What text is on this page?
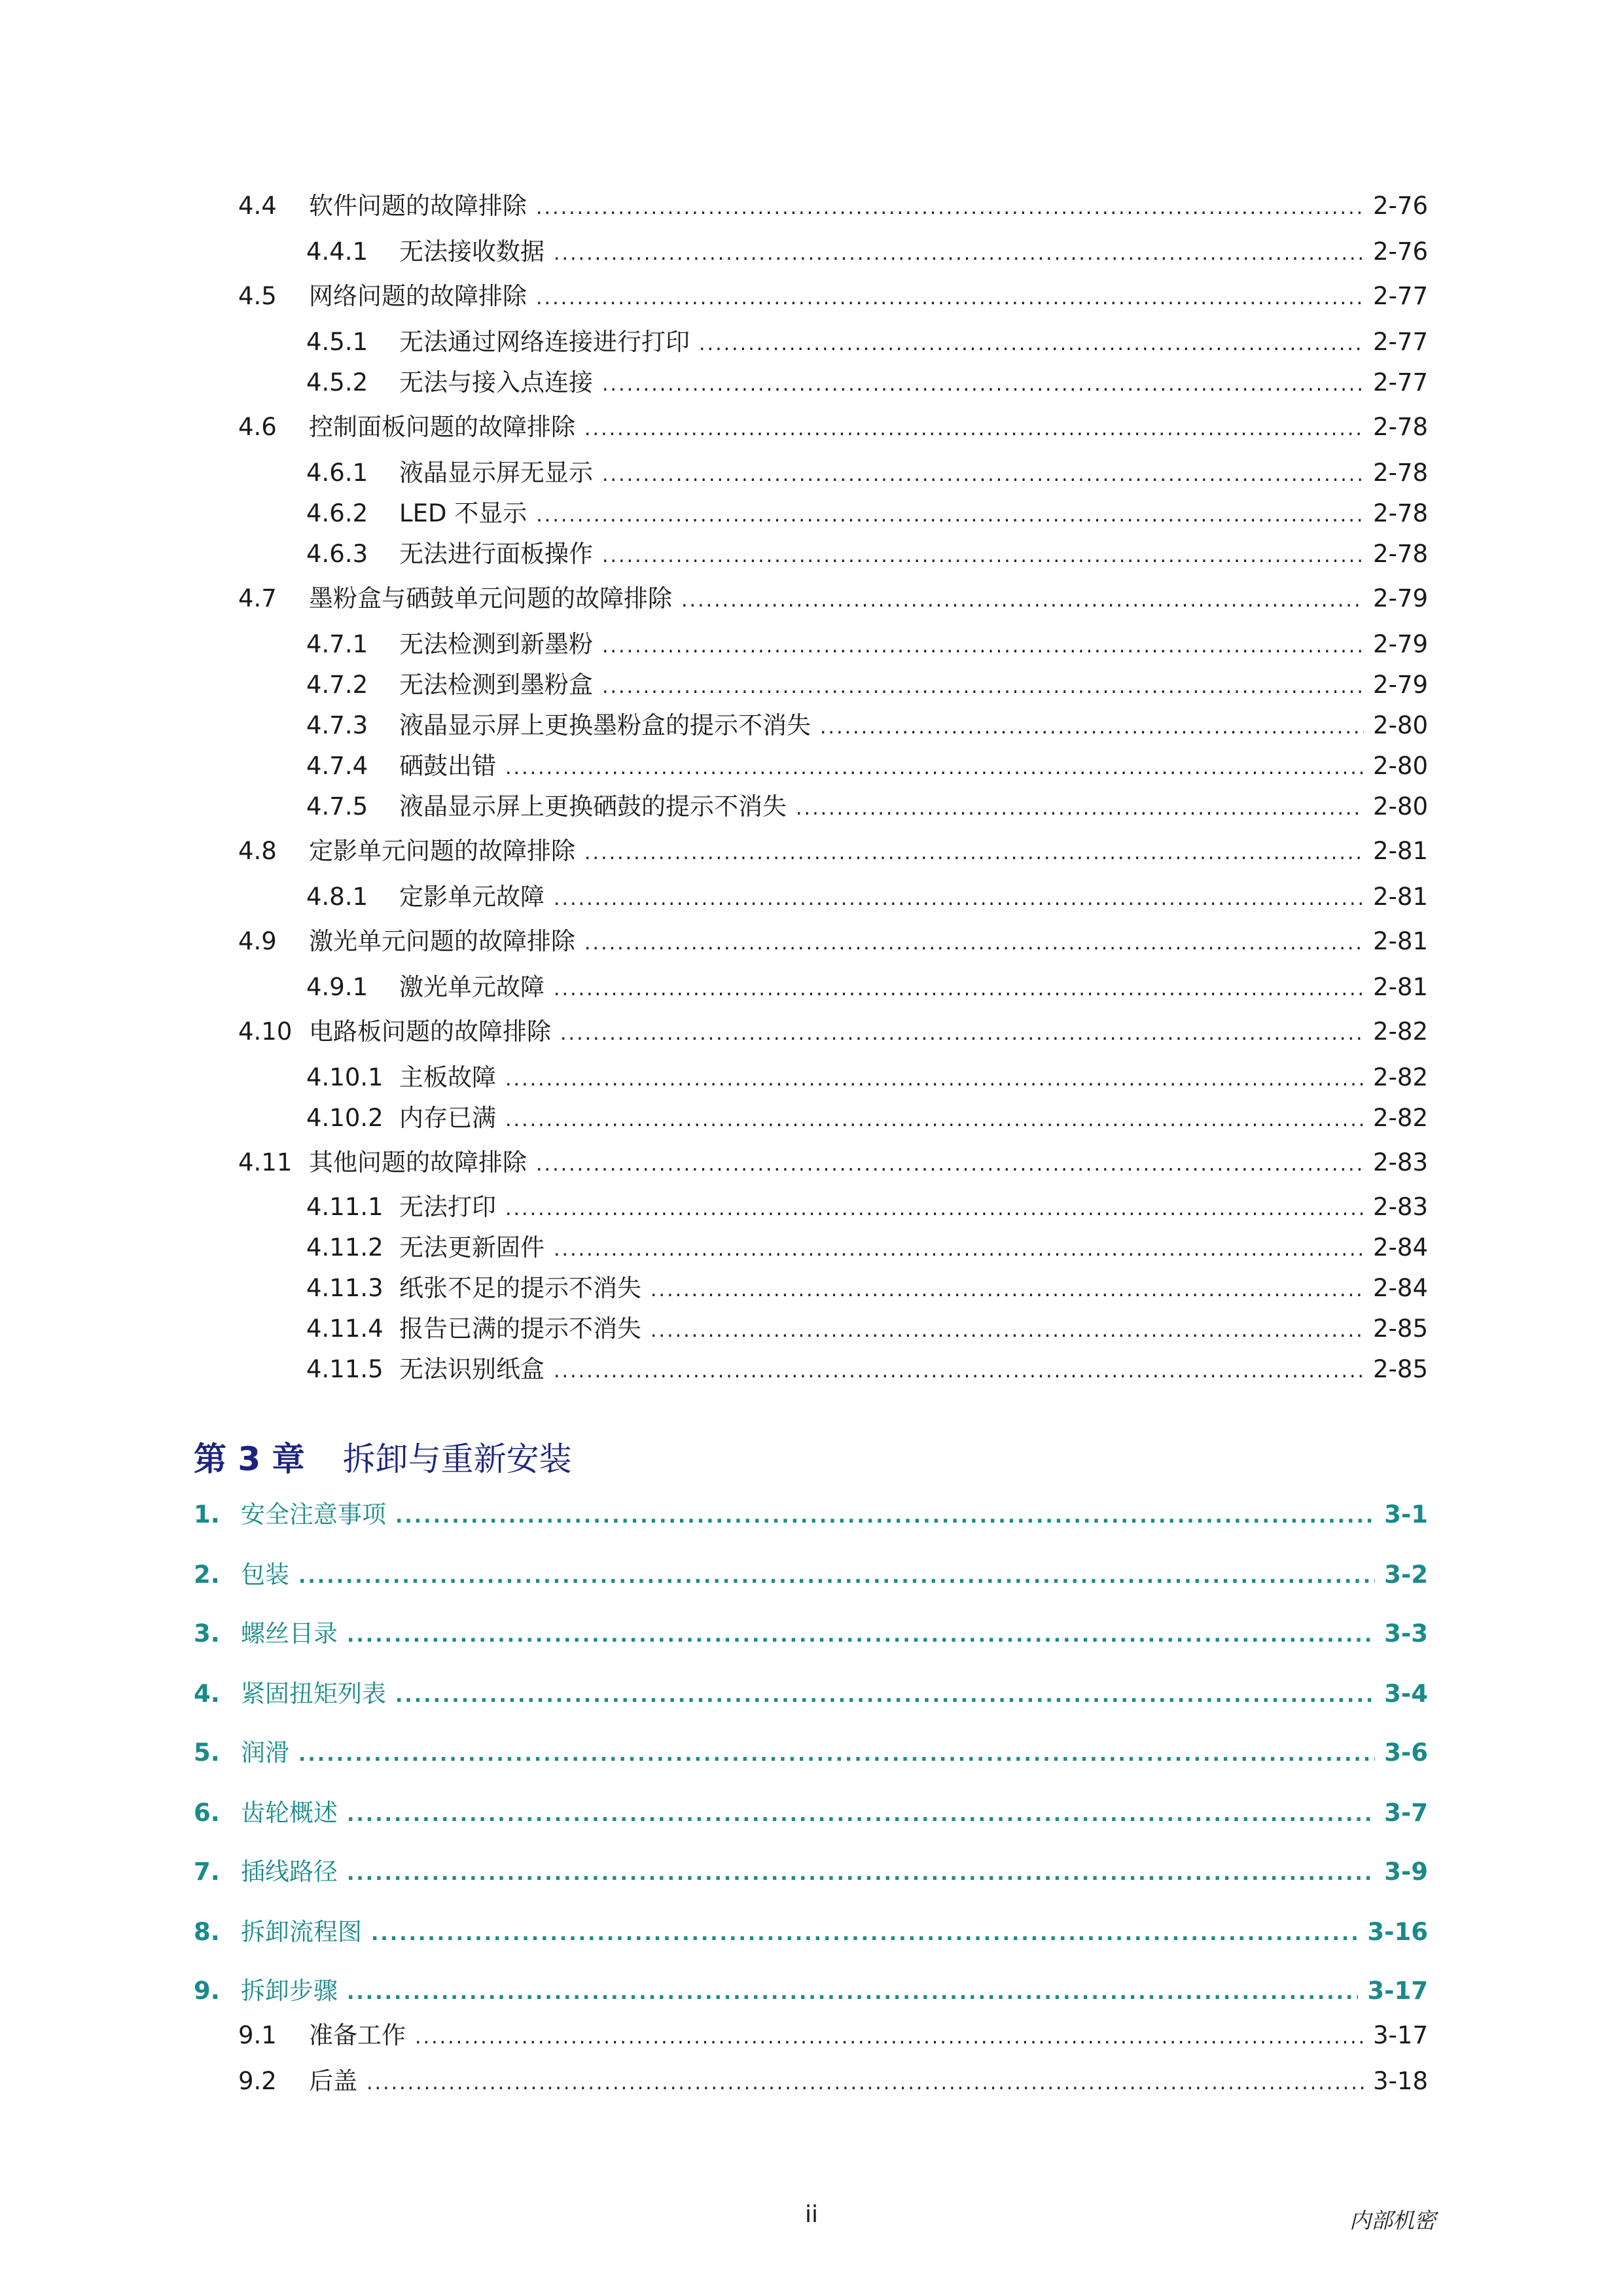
4.4	软件问题的故障排除 .....	2-76
4.4.1	无法接收数据 .....	2-76
4.5	网络问题的故障排除 .....	2-77
4.5.1	无法通过网络连接进行打印 .....	2-77
4.5.2	无法与接入点连接 .....	2-77
4.6	控制面板问题的故障排除 .....	2-78
4.6.1	液晶显示屏无显示 .....	2-78
4.6.2	LED 不显示 .....	2-78
4.6.3	无法进行面板操作 .....	2-78
4.7	墨粉盒与硒鼓单元问题的故障排除 .....	2-79
4.7.1	无法检测到新墨粉 .....	2-79
4.7.2	无法检测到墨粉盒 .....	2-79
4.7.3	液晶显示屏上更换墨粉盒的提示不消失 .....	2-80
4.7.4	硒鼓出错 .....	2-80
4.7.5	液晶显示屏上更换硒鼓的提示不消失 .....	2-80
4.8	定影单元问题的故障排除 .....	2-81
4.8.1	定影单元故障 .....	2-81
4.9	激光单元问题的故障排除 .....	2-81
4.9.1	激光单元故障 .....	2-81
4.10 电路板问题的故障排除 .....	2-82
4.10.1 主板故障 .....	2-82
4.10.2 内存已满 .....	2-82
4.11 其他问题的故障排除 .....	2-83
4.11.1 无法打印 .....	2-83
4.11.2 无法更新固件 .....	2-84
4.11.3 纸张不足的提示不消失 .....	2-84
4.11.4 报告已满的提示不消失 .....	2-85
4.11.5 无法识别纸盒 .....	2-85
1. 安全注意事项 .....	3-1
2. 包装 .....	3-2
3. 螺丝目录 .....	3-3
4. 紧固扭矩列表 .....	3-4
5. 润滑 .....	3-6
6. 齿轮概述 .....	3-7
7. 插线路径 .....	3-9
8. 拆卸流程图 .....	3-16
9. 拆卸步骤 .....	3-17
9.1	准备工作 .....	3-17
9.2	后盖 .....	3-18
第 3 章 拆卸与重新安装
ii	内部机密
